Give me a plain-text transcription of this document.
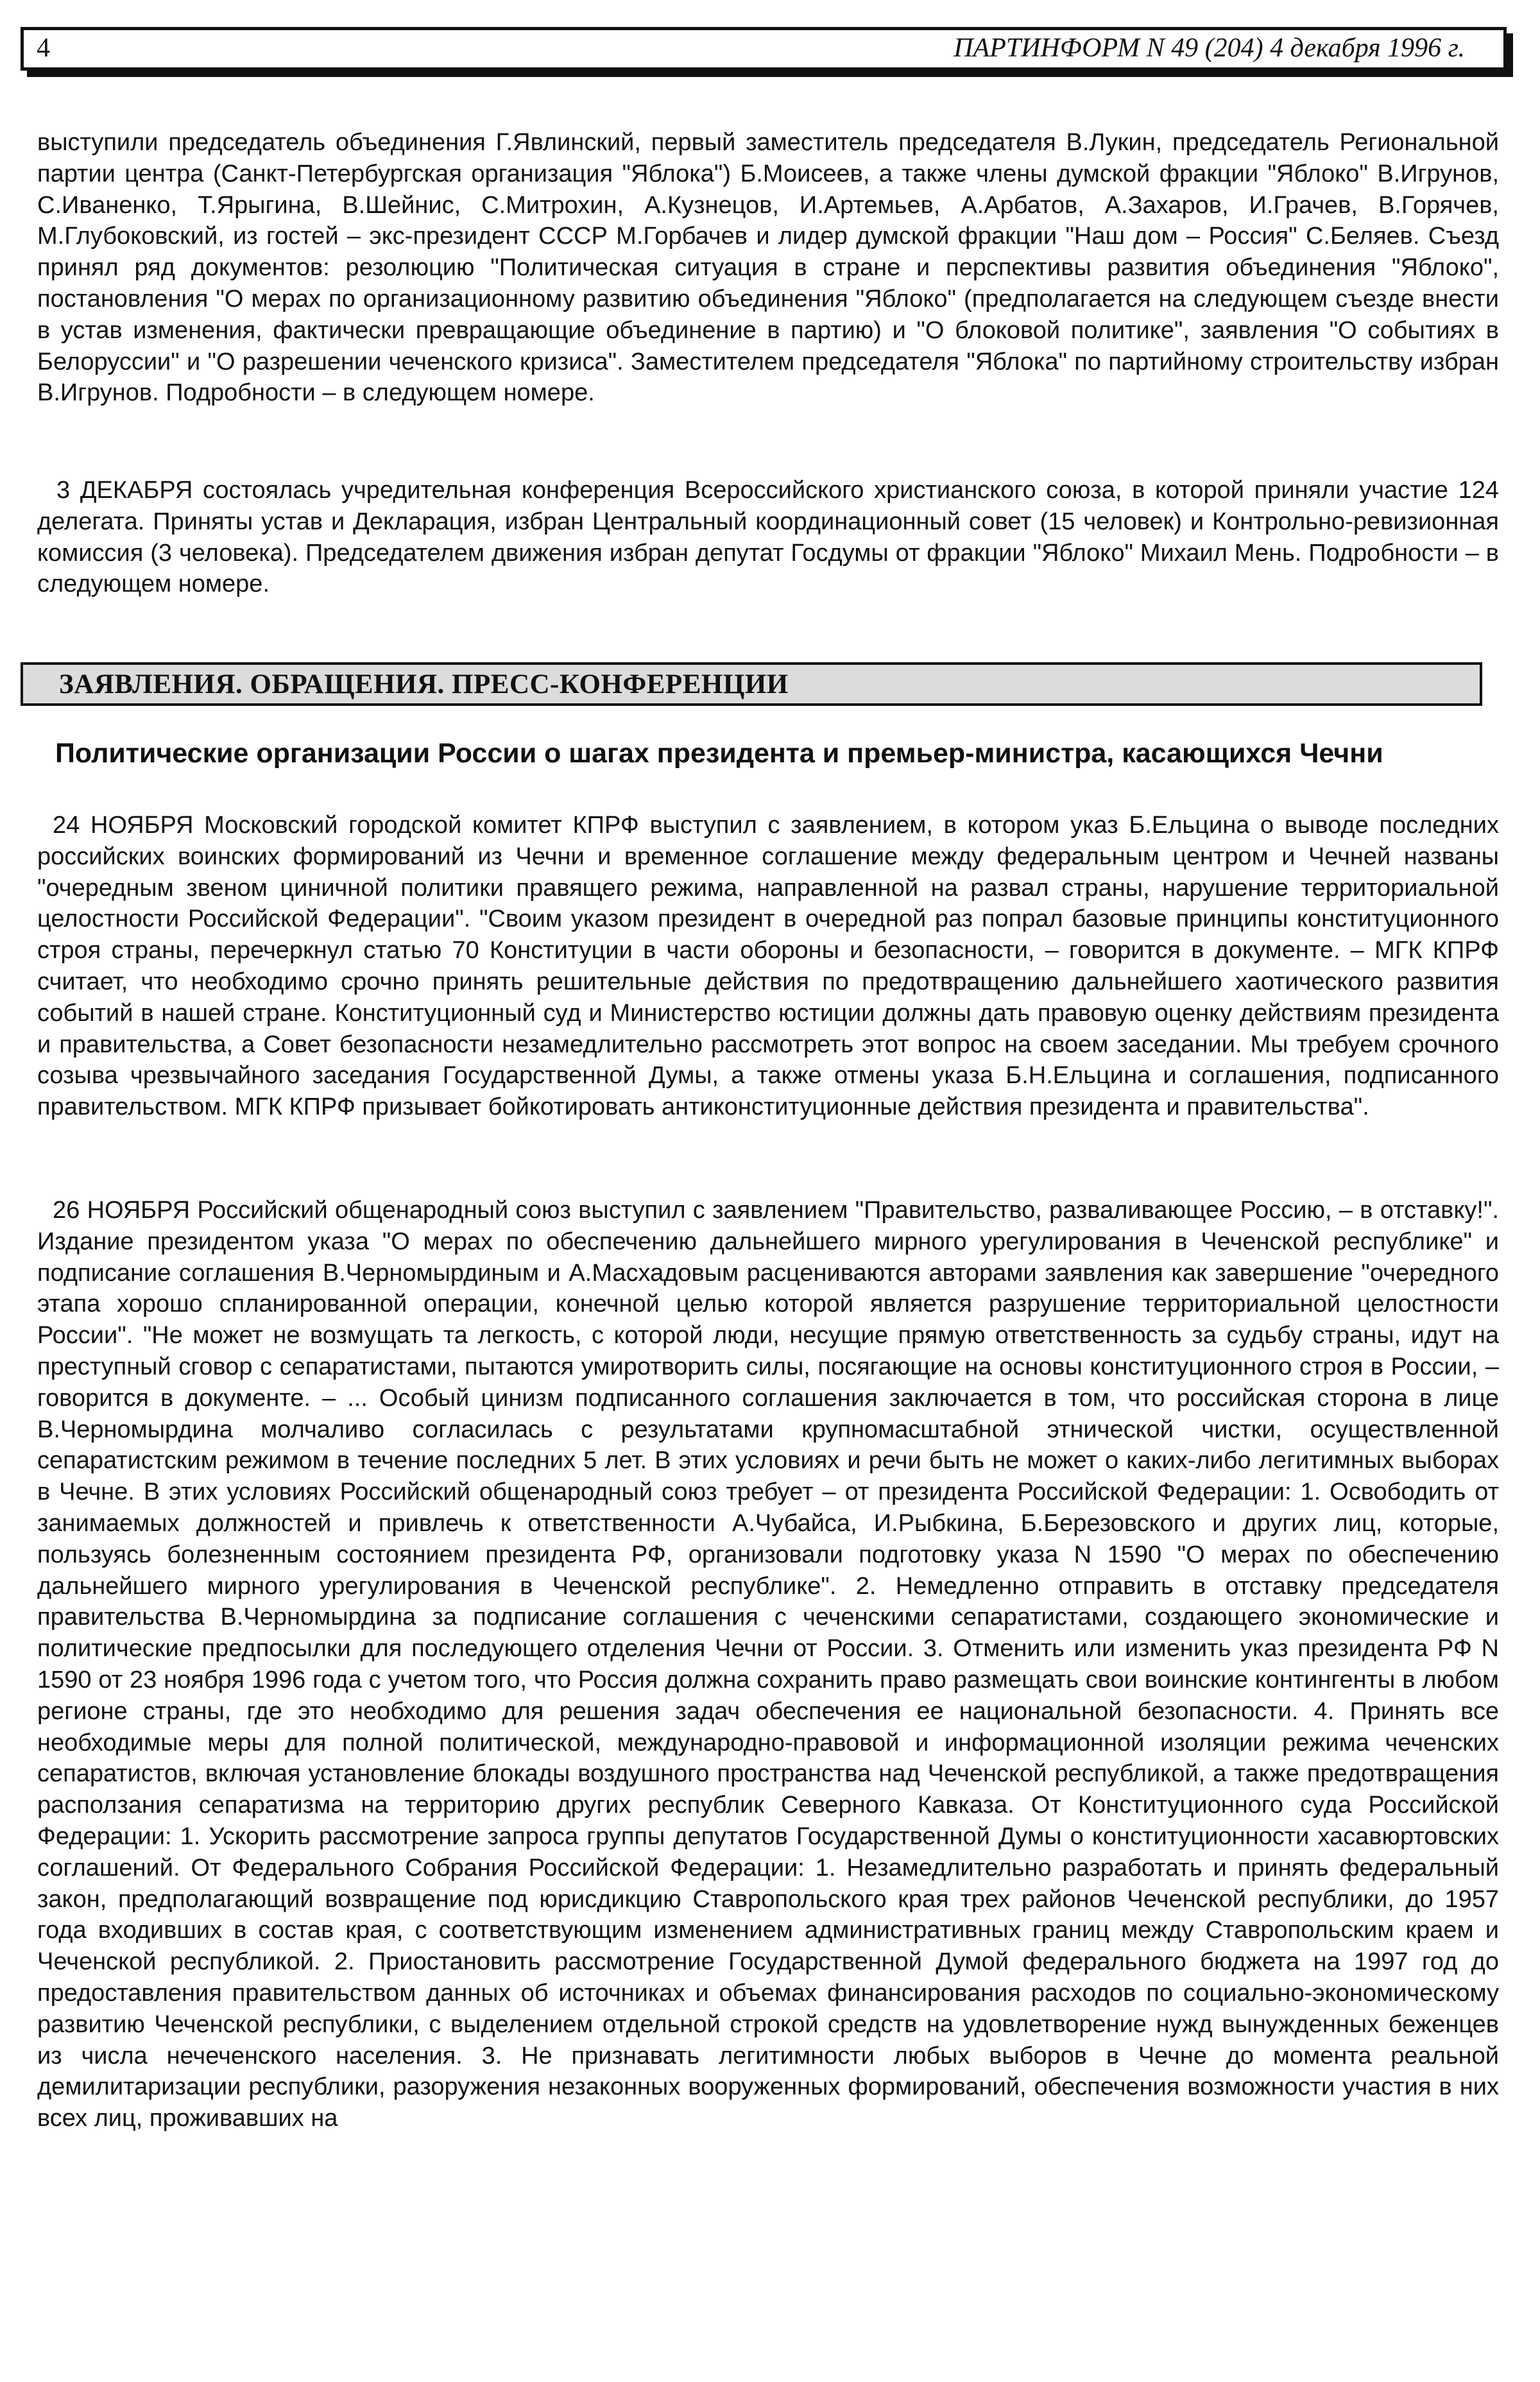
4	ПАРТИНФОРМ N 49 (204) 4 декабря 1996 г.

выступили председатель объединения Г.Явлинский, первый заместитель председателя В.Лукин, председатель Региональной партии центра (Санкт-Петербургская организация "Яблока") Б.Моисеев, а также члены думской фракции "Яблоко" В.Игрунов, С.Иваненко, Т.Ярыгина, В.Шейнис, С.Митрохин, А.Кузнецов, И.Артемьев, А.Арбатов, А.Захаров, И.Грачев, В.Горячев, М.Глубоковский, из гостей – экс-президент СССР М.Горбачев и лидер думской фракции "Наш дом – Россия" С.Беляев. Съезд принял ряд документов: резолюцию "Политическая ситуация в стране и перспективы развития объединения "Яблоко", постановления "О мерах по организационному развитию объединения "Яблоко" (предполагается на следующем съезде внести в устав изменения, фактически превращающие объединение в партию) и "О блоковой политике", заявления "О событиях в Белоруссии" и "О разрешении чеченского кризиса". Заместителем председателя "Яблока" по партийному строительству избран В.Игрунов. Подробности – в следующем номере.

3 ДЕКАБРЯ состоялась учредительная конференция Всероссийского христианского союза, в которой приняли участие 124 делегата. Приняты устав и Декларация, избран Центральный координационный совет (15 человек) и Контрольно-ревизионная комиссия (3 человека). Председателем движения избран депутат Госдумы от фракции "Яблоко" Михаил Мень. Подробности – в следующем номере.

ЗАЯВЛЕНИЯ. ОБРАЩЕНИЯ. ПРЕСС-КОНФЕРЕНЦИИ
Политические организации России о шагах президента и премьер-министра, касающихся Чечни

24 НОЯБРЯ Московский городской комитет КПРФ выступил с заявлением, в котором указ Б.Ельцина о выводе последних российских воинских формирований из Чечни и временное соглашение между федеральным центром и Чечней названы "очередным звеном циничной политики правящего режима, направленной на развал страны, нарушение территориальной целостности Российской Федерации". "Своим указом президент в очередной раз попрал базовые принципы конституционного строя страны, перечеркнул статью 70 Конституции в части обороны и безопасности, – говорится в документе. – МГК КПРФ считает, что необходимо срочно принять решительные действия по предотвращению дальнейшего хаотического развития событий в нашей стране. Конституционный суд и Министерство юстиции должны дать правовую оценку действиям президента и правительства, а Совет безопасности незамедлительно рассмотреть этот вопрос на своем заседании. Мы требуем срочного созыва чрезвычайного заседания Государственной Думы, а также отмены указа Б.Н.Ельцина и соглашения, подписанного правительством. МГК КПРФ призывает бойкотировать антиконституционные действия президента и правительства".

26 НОЯБРЯ Российский общенародный союз выступил с заявлением "Правительство, разваливающее Россию, – в отставку!". Издание президентом указа "О мерах по обеспечению дальнейшего мирного урегулирования в Чеченской республике" и подписание соглашения В.Черномырдиным и А.Масхадовым расцениваются авторами заявления как завершение "очередного этапа хорошо спланированной операции, конечной целью которой является разрушение территориальной целостности России". "Не может не возмущать та легкость, с которой люди, несущие прямую ответственность за судьбу страны, идут на преступный сговор с сепаратистами, пытаются умиротворить силы, посягающие на основы конституционного строя в России, – говорится в документе. – ... Особый цинизм подписанного соглашения заключается в том, что российская сторона в лице В.Черномырдина молчаливо согласилась с результатами крупномасштабной этнической чистки, осуществленной сепаратистским режимом в течение последних 5 лет. В этих условиях и речи быть не может о каких-либо легитимных выборах в Чечне. В этих условиях Российский общенародный союз требует – от президента Российской Федерации: 1. Освободить от занимаемых должностей и привлечь к ответственности А.Чубайса, И.Рыбкина, Б.Березовского и других лиц, которые, пользуясь болезненным состоянием президента РФ, организовали подготовку указа N 1590 "О мерах по обеспечению дальнейшего мирного урегулирования в Чеченской республике". 2. Немедленно отправить в отставку председателя правительства В.Черномырдина за подписание соглашения с чеченскими сепаратистами, создающего экономические и политические предпосылки для последующего отделения Чечни от России. 3. Отменить или изменить указ президента РФ N 1590 от 23 ноября 1996 года с учетом того, что Россия должна сохранить право размещать свои воинские контингенты в любом регионе страны, где это необходимо для решения задач обеспечения ее национальной безопасности. 4. Принять все необходимые меры для полной политической, международно-правовой и информационной изоляции режима чеченских сепаратистов, включая установление блокады воздушного пространства над Чеченской республикой, а также предотвращения расползания сепаратизма на территорию других республик Северного Кавказа. От Конституционного суда Российской Федерации: 1. Ускорить рассмотрение запроса группы депутатов Государственной Думы о конституционности хасавюртовских соглашений. От Федерального Собрания Российской Федерации: 1. Незамедлительно разработать и принять федеральный закон, предполагающий возвращение под юрисдикцию Ставропольского края трех районов Чеченской республики, до 1957 года входивших в состав края, с соответствующим изменением административных границ между Ставропольским краем и Чеченской республикой. 2. Приостановить рассмотрение Государственной Думой федерального бюджета на 1997 год до предоставления правительством данных об источниках и объемах финансирования расходов по социально-экономическому развитию Чеченской республики, с выделением отдельной строкой средств на удовлетворение нужд вынужденных беженцев из числа нечеченского населения. 3. Не признавать легитимности любых выборов в Чечне до момента реальной демилитаризации республики, разоружения незаконных вооруженных формирований, обеспечения возможности участия в них всех лиц, проживавших на
